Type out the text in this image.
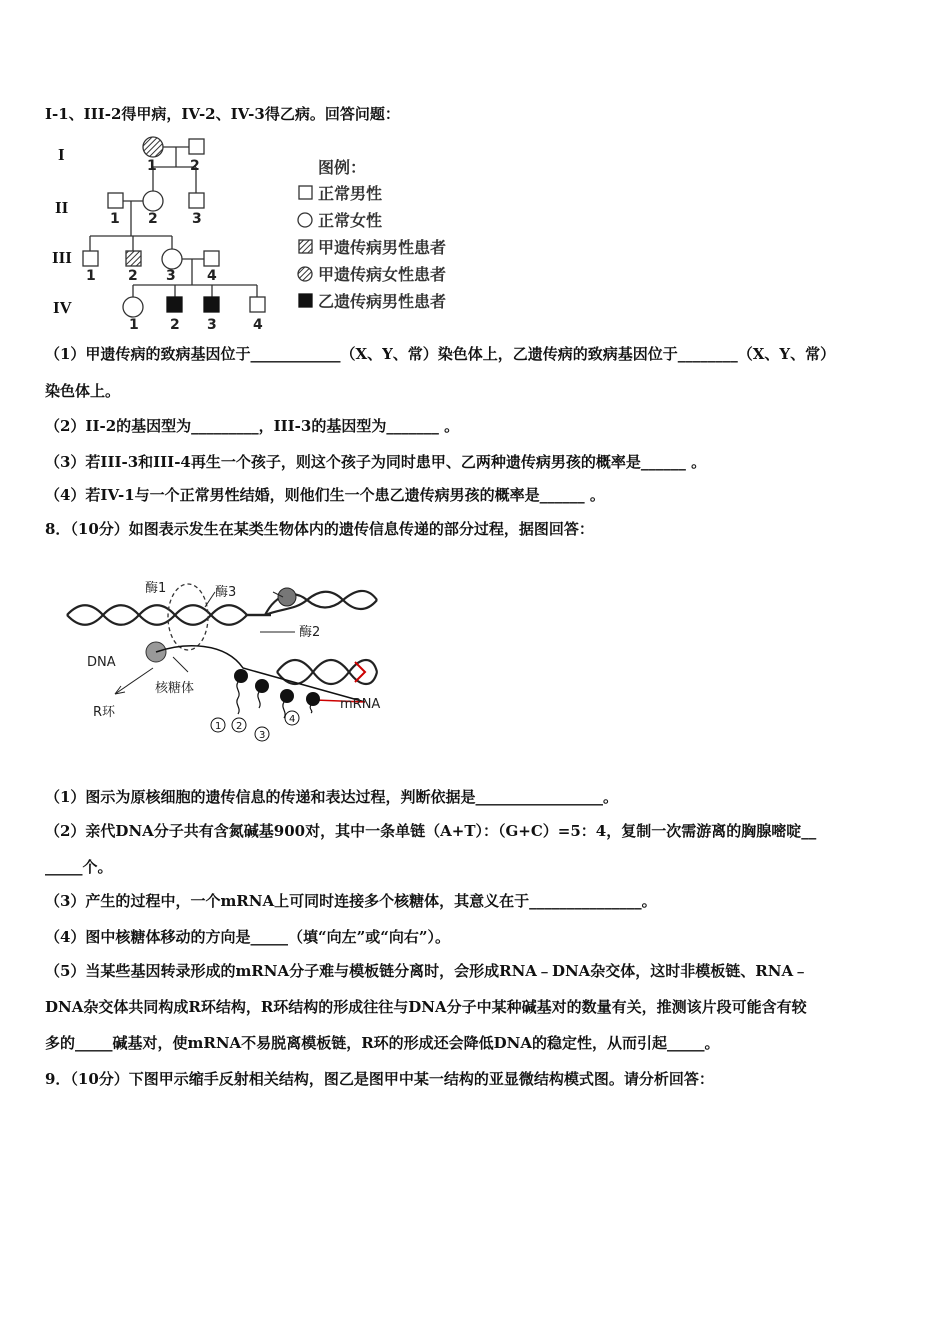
I-1、III-2得甲病，IV-2、IV-3得乙病。回答问题：
I
II
III
IV
1 2
1 2 3
1 2 3 4
1 2 3	4
图例：
正常男性
正常女性
甲遗传病男性患者
甲遗传病女性患者
乙遗传病男性患者
（1）甲遗传病的致病基因位于____________（X、Y、常）染色体上，乙遗传病的致病基因位于________（X、Y、常）
染色体上。
（2）II-2的基因型为_________，III-3的基因型为_______ 。
（3）若III-3和III-4再生一个孩子，则这个孩子为同时患甲、乙两种遗传病男孩的概率是______ 。
（4）若IV-1与一个正常男性结婚，则他们生一个患乙遗传病男孩的概率是______ 。
8．（10分）如图表示发生在某类生物体内的遗传信息传递的部分过程，据图回答：
酶1	酶3
酶2
DNA
核糖体
R环
mRNA
1 2
3
4
（1）图示为原核细胞的遗传信息的传递和表达过程，判断依据是_________________。
（2）亲代DNA分子共有含氮碱基900对，其中一条单链（A+T）：（G+C）=5：4，复制一次需游离的胸腺嘧啶__
_____个。
（3）产生的过程中，一个mRNA上可同时连接多个核糖体，其意义在于_______________。
（4）图中核糖体移动的方向是_____（填“向左”或“向右”）。
（5）当某些基因转录形成的mRNA分子难与模板链分离时，会形成RNA﹣DNA杂交体，这时非模板链、RNA﹣
DNA杂交体共同构成R环结构，R环结构的形成往往与DNA分子中某种碱基对的数量有关，推测该片段可能含有较
多的_____碱基对，使mRNA不易脱离模板链，R环的形成还会降低DNA的稳定性，从而引起_____。
9．（10分）下图甲示缩手反射相关结构，图乙是图甲中某一结构的亚显微结构模式图。请分析回答：
